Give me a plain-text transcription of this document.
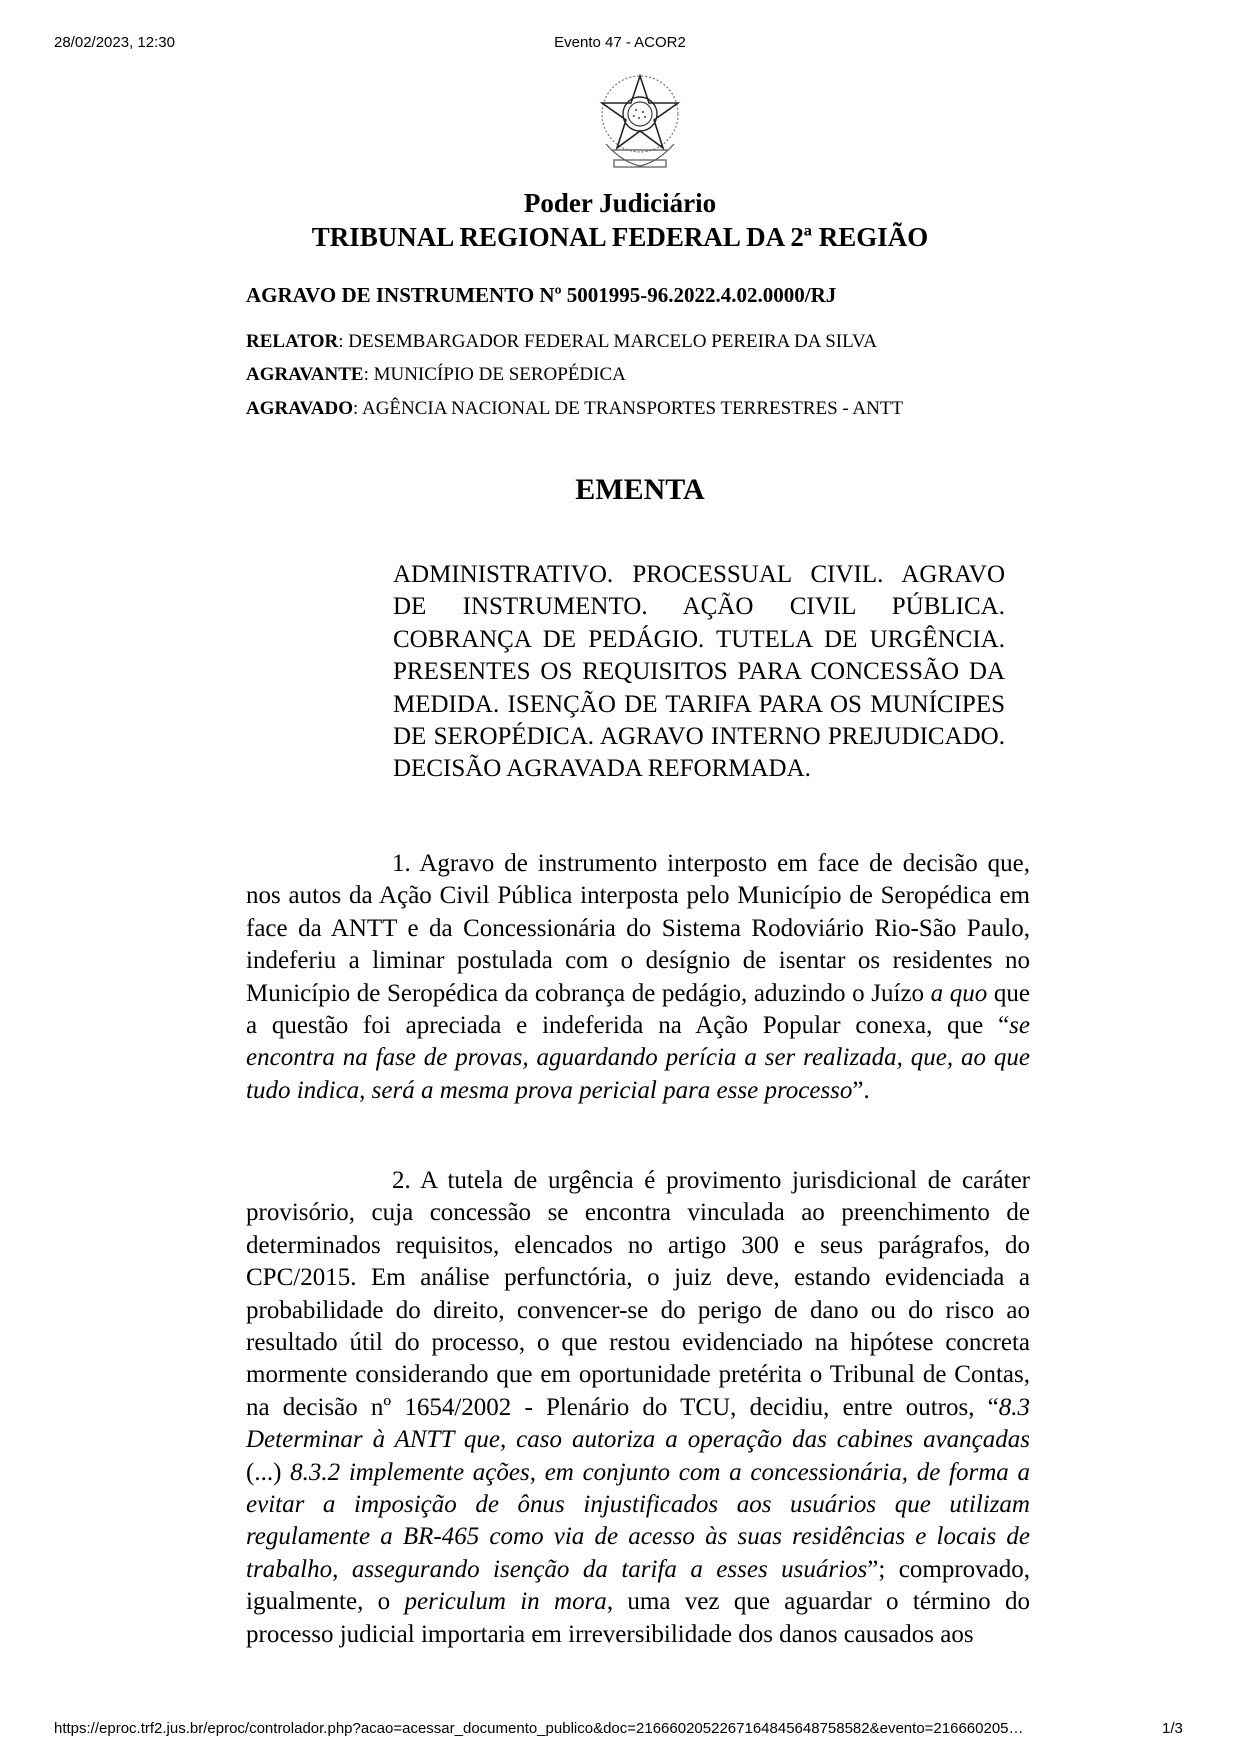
28/02/2023, 12:30	Evento 47 - ACOR2
Poder Judiciário
TRIBUNAL REGIONAL FEDERAL DA 2ª REGIÃO
AGRAVO DE INSTRUMENTO Nº 5001995-96.2022.4.02.0000/RJ
RELATOR: DESEMBARGADOR FEDERAL MARCELO PEREIRA DA SILVA
AGRAVANTE: MUNICÍPIO DE SEROPÉDICA
AGRAVADO: AGÊNCIA NACIONAL DE TRANSPORTES TERRESTRES - ANTT
EMENTA
ADMINISTRATIVO. PROCESSUAL CIVIL. AGRAVO DE INSTRUMENTO. AÇÃO CIVIL PÚBLICA. COBRANÇA DE PEDÁGIO. TUTELA DE URGÊNCIA. PRESENTES OS REQUISITOS PARA CONCESSÃO DA MEDIDA. ISENÇÃO DE TARIFA PARA OS MUNÍCIPES DE SEROPÉDICA. AGRAVO INTERNO PREJUDICADO. DECISÃO AGRAVADA REFORMADA.
1. Agravo de instrumento interposto em face de decisão que, nos autos da Ação Civil Pública interposta pelo Município de Seropédica em face da ANTT e da Concessionária do Sistema Rodoviário Rio-São Paulo, indeferiu a liminar postulada com o desígnio de isentar os residentes no Município de Seropédica da cobrança de pedágio, aduzindo o Juízo a quo que a questão foi apreciada e indeferida na Ação Popular conexa, que “se encontra na fase de provas, aguardando perícia a ser realizada, que, ao que tudo indica, será a mesma prova pericial para esse processo”.
2. A tutela de urgência é provimento jurisdicional de caráter provisório, cuja concessão se encontra vinculada ao preenchimento de determinados requisitos, elencados no artigo 300 e seus parágrafos, do CPC/2015. Em análise perfunctória, o juiz deve, estando evidenciada a probabilidade do direito, convencer-se do perigo de dano ou do risco ao resultado útil do processo, o que restou evidenciado na hipótese concreta mormente considerando que em oportunidade pretérita o Tribunal de Contas, na decisão nº 1654/2002 - Plenário do TCU, decidiu, entre outros, “8.3 Determinar à ANTT que, caso autoriza a operação das cabines avançadas (...) 8.3.2 implemente ações, em conjunto com a concessionária, de forma a evitar a imposição de ônus injustificados aos usuários que utilizam regulamente a BR-465 como via de acesso às suas residências e locais de trabalho, assegurando isenção da tarifa a esses usuários”; comprovado, igualmente, o periculum in mora, uma vez que aguardar o término do processo judicial importaria em irreversibilidade dos danos causados aos
https://eproc.trf2.jus.br/eproc/controlador.php?acao=acessar_documento_publico&doc=216660205226716484564875858​2&evento=216660205…	1/3
